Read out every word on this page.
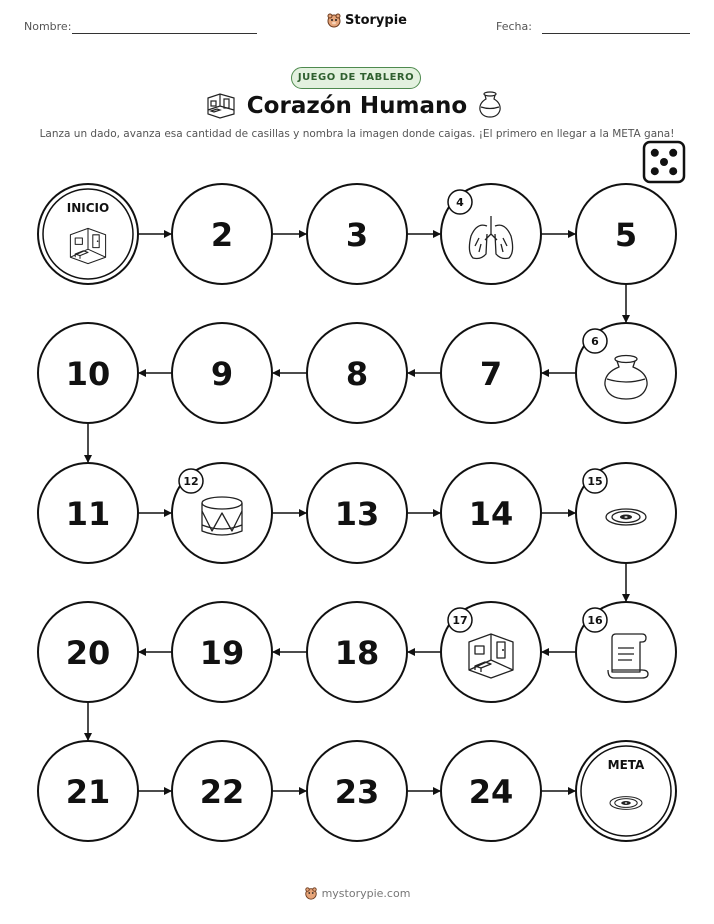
Nombre:	Storypie	Fecha:
JUEGO DE TABLERO
Corazón Humano
Lanza un dado, avanza esa cantidad de casillas y nombra la imagen donde caigas. ¡El primero en llegar a la META gana!
INICIO
2	3
4
5
6
7
8
9
10
11
12
13	14
15
16
17
18
19
20
21	22	23	24
META
mystorypie.com
